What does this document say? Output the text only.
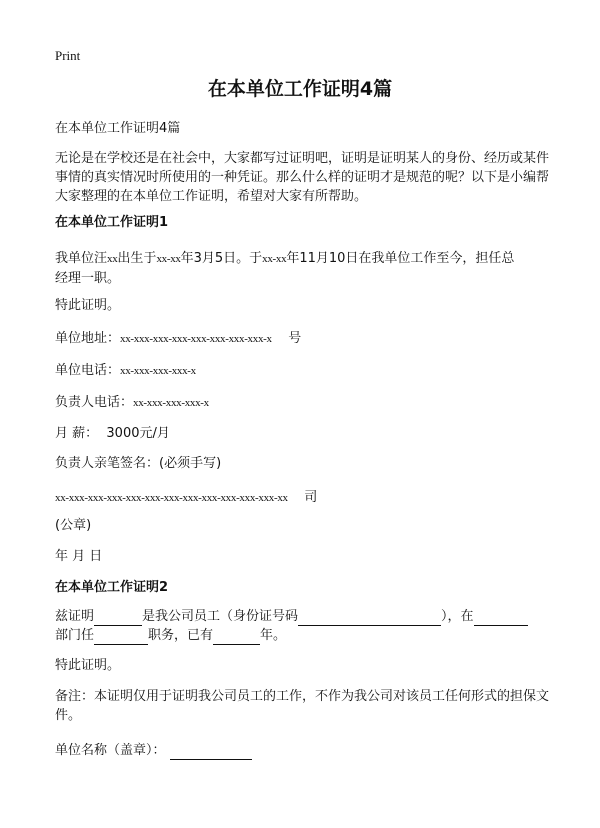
Print
在本单位工作证明4篇
在本单位工作证明4篇
无论是在学校还是在社会中，大家都写过证明吧，证明是证明某人的身份、经历或某件事情的真实情况时所使用的一种凭证。那么什么样的证明才是规范的呢？以下是小编帮大家整理的在本单位工作证明，希望对大家有所帮助。
在本单位工作证明1
我单位汪xx出生于xx-xx年3月5日。于xx-xx年11月10日在我单位工作至今，担任总
经理一职。
特此证明。
单位地址：xx-xxx-xxx-xxx-xxx-xxx-xxx-xxx-x 号
单位电话：xx-xxx-xxx-xxx-x
负责人电话：xx-xxx-xxx-xxx-x
月 薪： 3000元/月
负责人亲笔签名：(必须手写)
xx-xxx-xxx-xxx-xxx-xxx-xxx-xxx-xxx-xxx-xxx-xxx-xx 司
(公章)
年 月 日
在本单位工作证明2
兹证明	是我公司员工（身份证号码	），在
部门任	职务，已有	年。
特此证明。
备注：本证明仅用于证明我公司员工的工作，不作为我公司对该员工任何形式的担保文件。
单位名称（盖章）：
